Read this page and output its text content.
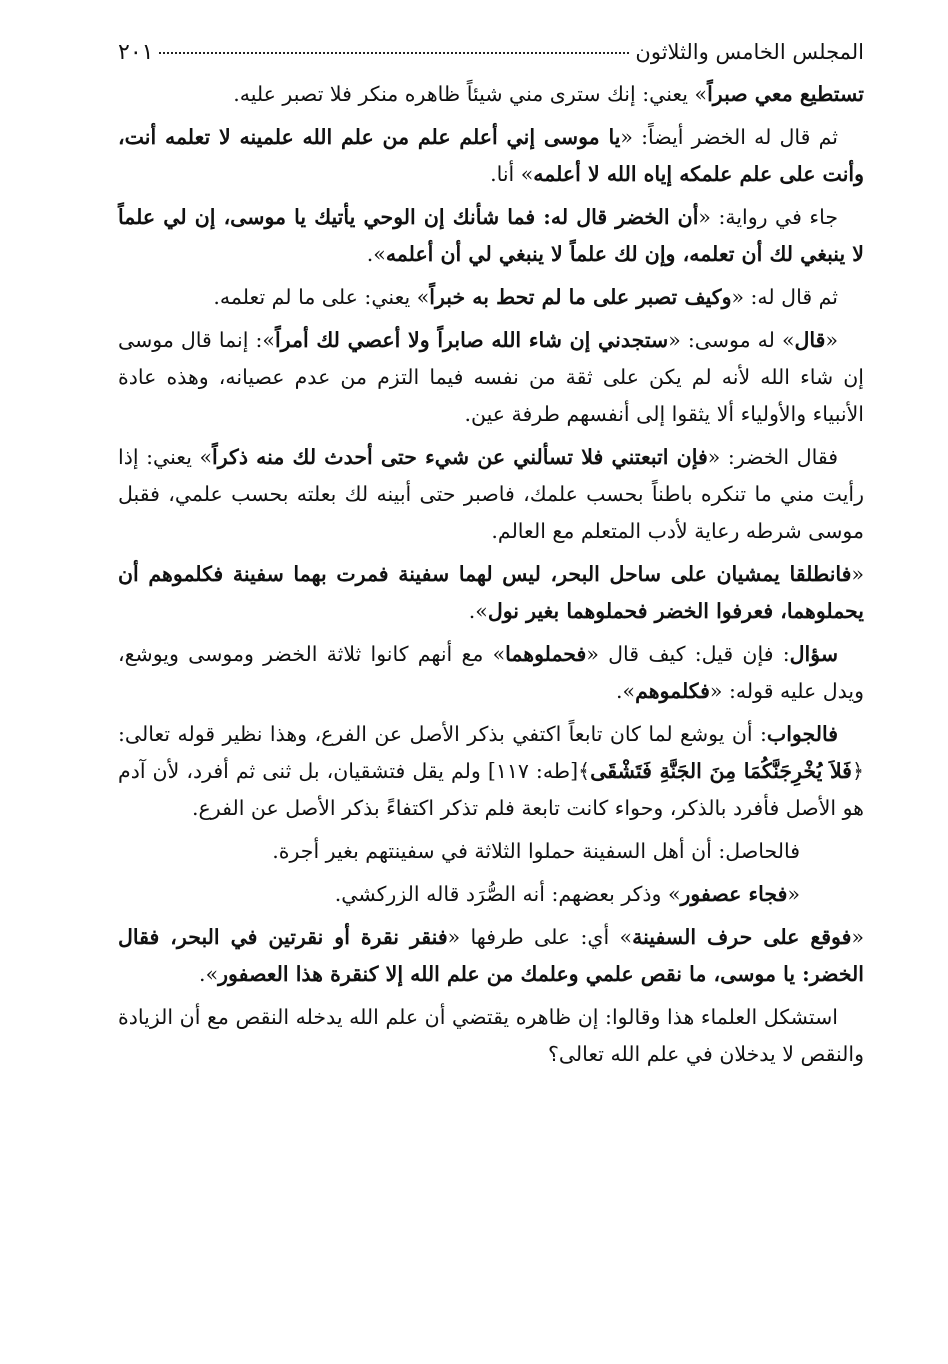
المجلس الخامس والثلاثون
٢٠١

تستطيع معي صبراً» يعني: إنك سترى مني شيئاً ظاهره منكر فلا تصبر عليه.

ثم قال له الخضر أيضاً: «يا موسى إني أعلم علم من علم الله علمينه لا تعلمه أنت، وأنت على علم علمكه إياه الله لا أعلمه» أنا.

جاء في رواية: «أن الخضر قال له: فما شأنك إن الوحي يأتيك يا موسى، إن لي علماً لا ينبغي لك أن تعلمه، وإن لك علماً لا ينبغي لي أن أعلمه».

ثم قال له: «وكيف تصبر على ما لم تحط به خبراً» يعني: على ما لم تعلمه.

«قال» له موسى: «ستجدني إن شاء الله صابراً ولا أعصي لك أمراً»: إنما قال موسى إن شاء الله لأنه لم يكن على ثقة من نفسه فيما التزم من عدم عصيانه، وهذه عادة الأنبياء والأولياء ألا يثقوا إلى أنفسهم طرفة عين.

فقال الخضر: «فإن اتبعتني فلا تسألني عن شيء حتى أحدث لك منه ذكراً» يعني: إذا رأيت مني ما تنكره باطناً بحسب علمك، فاصبر حتى أبينه لك بعلته بحسب علمي، فقبل موسى شرطه رعاية لأدب المتعلم مع العالم.

«فانطلقا يمشيان على ساحل البحر، ليس لهما سفينة فمرت بهما سفينة فكلموهم أن يحملوهما، فعرفوا الخضر فحملوهما بغير نول».

سؤال: فإن قيل: كيف قال «فحملوهما» مع أنهم كانوا ثلاثة الخضر وموسى ويوشع، ويدل عليه قوله: «فكلموهم».

فالجواب: أن يوشع لما كان تابعاً اكتفي بذكر الأصل عن الفرع، وهذا نظير قوله تعالى: ﴿فَلاَ يُخْرِجَنَّكُمَا مِنَ الجَنَّةِ فَتَشْقَى﴾[طه: ١١٧] ولم يقل فتشقيان، بل ثنى ثم أفرد، لأن آدم هو الأصل فأفرد بالذكر، وحواء كانت تابعة فلم تذكر اكتفاءً بذكر الأصل عن الفرع.

فالحاصل: أن أهل السفينة حملوا الثلاثة في سفينتهم بغير أجرة.

«فجاء عصفور» وذكر بعضهم: أنه الصُّرَد قاله الزركشي.

«فوقع على حرف السفينة» أي: على طرفها «فنقر نقرة أو نقرتين في البحر، فقال الخضر: يا موسى، ما نقص علمي وعلمك من علم الله إلا كنقرة هذا العصفور».

استشكل العلماء هذا وقالوا: إن ظاهره يقتضي أن علم الله يدخله النقص مع أن الزيادة والنقص لا يدخلان في علم الله تعالى؟
